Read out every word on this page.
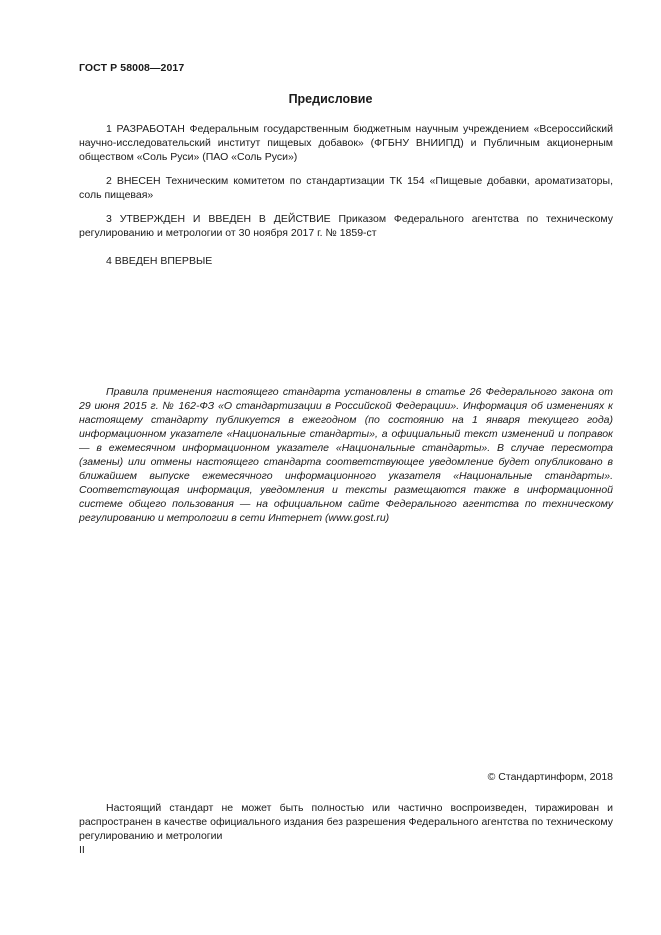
ГОСТ Р 58008—2017
Предисловие
1 РАЗРАБОТАН Федеральным государственным бюджетным научным учреждением «Всероссийский научно-исследовательский институт пищевых добавок» (ФГБНУ ВНИИПД) и Публичным акционерным обществом «Соль Руси» (ПАО «Соль Руси»)
2 ВНЕСЕН Техническим комитетом по стандартизации ТК 154 «Пищевые добавки, ароматизаторы, соль пищевая»
3 УТВЕРЖДЕН И ВВЕДЕН В ДЕЙСТВИЕ Приказом Федерального агентства по техническому регулированию и метрологии от 30 ноября 2017 г. № 1859-ст
4 ВВЕДЕН ВПЕРВЫЕ
Правила применения настоящего стандарта установлены в статье 26 Федерального закона от 29 июня 2015 г. № 162-ФЗ «О стандартизации в Российской Федерации». Информация об изменениях к настоящему стандарту публикуется в ежегодном (по состоянию на 1 января текущего года) информационном указателе «Национальные стандарты», а официальный текст изменений и поправок — в ежемесячном информационном указателе «Национальные стандарты». В случае пересмотра (замены) или отмены настоящего стандарта соответствующее уведомление будет опубликовано в ближайшем выпуске ежемесячного информационного указателя «Национальные стандарты». Соответствующая информация, уведомления и тексты размещаются также в информационной системе общего пользования — на официальном сайте Федерального агентства по техническому регулированию и метрологии в сети Интернет (www.gost.ru)
© Стандартинформ, 2018
Настоящий стандарт не может быть полностью или частично воспроизведен, тиражирован и распространен в качестве официального издания без разрешения Федерального агентства по техническому регулированию и метрологии
II
